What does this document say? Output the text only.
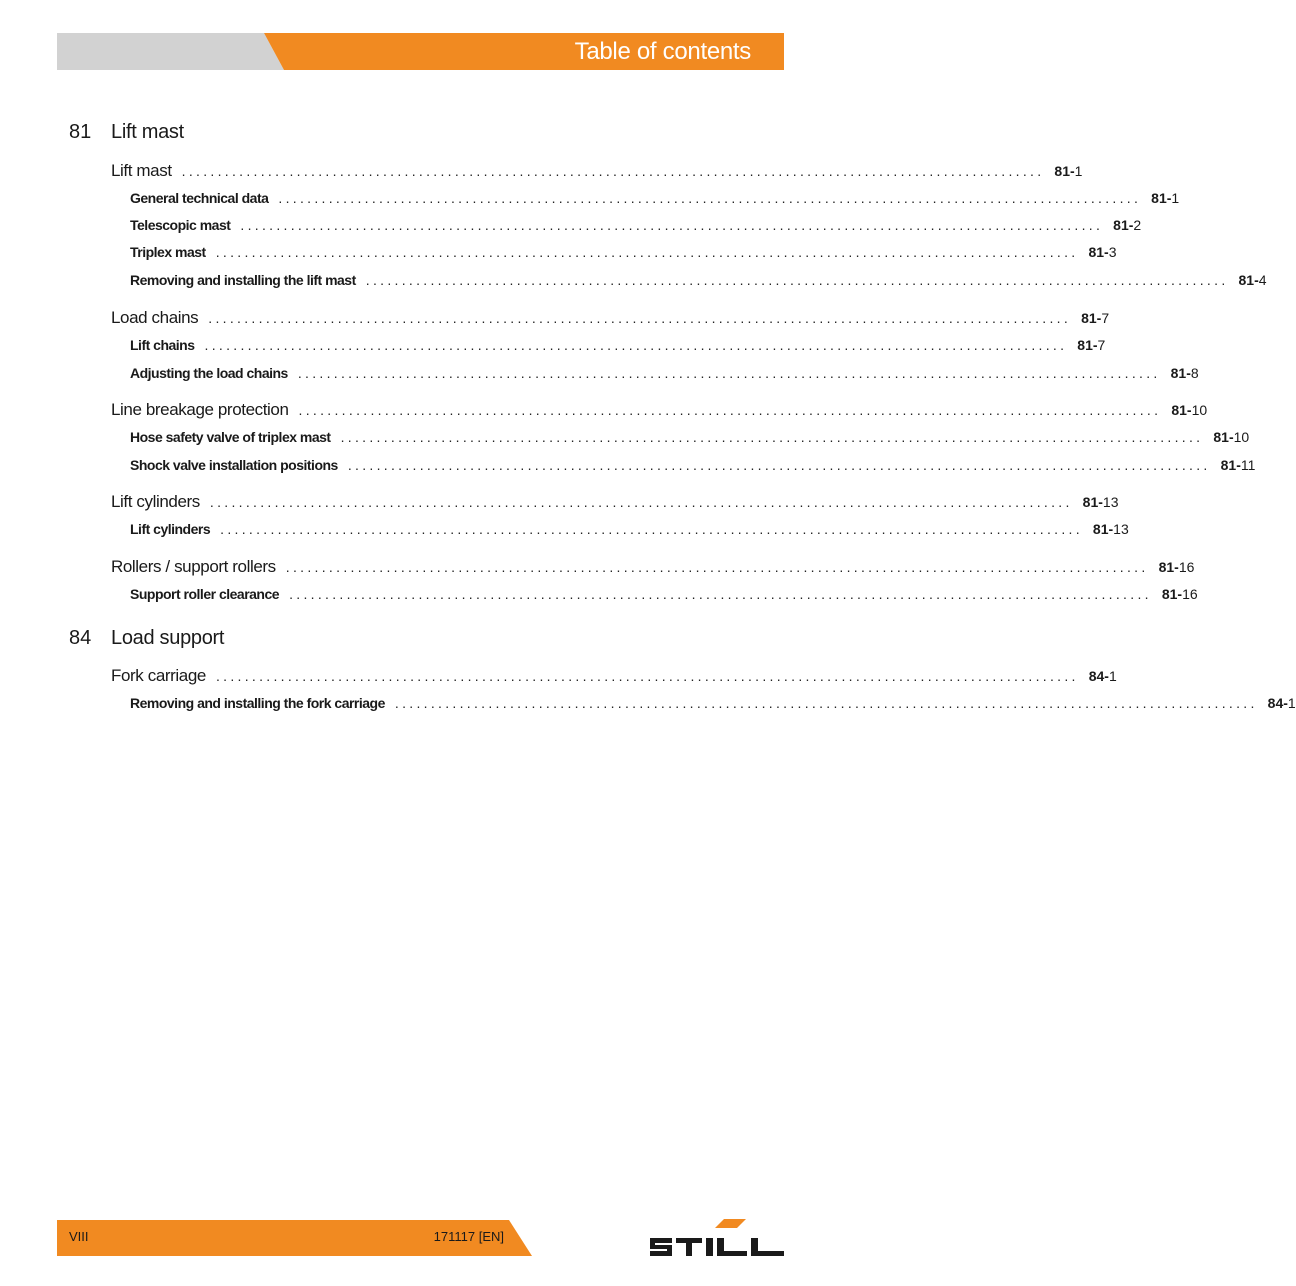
Table of contents
81 Lift mast
Lift mast ........................................................................................................................ 81-1
General technical data ........................................................................................................................ 81-1
Telescopic mast ........................................................................................................................ 81-2
Triplex mast ........................................................................................................................ 81-3
Removing and installing the lift mast ........................................................................................................................ 81-4
Load chains ........................................................................................................................ 81-7
Lift chains ........................................................................................................................ 81-7
Adjusting the load chains ........................................................................................................................ 81-8
Line breakage protection ........................................................................................................................ 81-10
Hose safety valve of triplex mast ........................................................................................................................ 81-10
Shock valve installation positions ........................................................................................................................ 81-11
Lift cylinders ........................................................................................................................ 81-13
Lift cylinders ........................................................................................................................ 81-13
Rollers / support rollers ........................................................................................................................ 81-16
Support roller clearance ........................................................................................................................ 81-16
84 Load support
Fork carriage ........................................................................................................................ 84-1
Removing and installing the fork carriage ........................................................................................................................ 84-1
VIII	171117 [EN]
